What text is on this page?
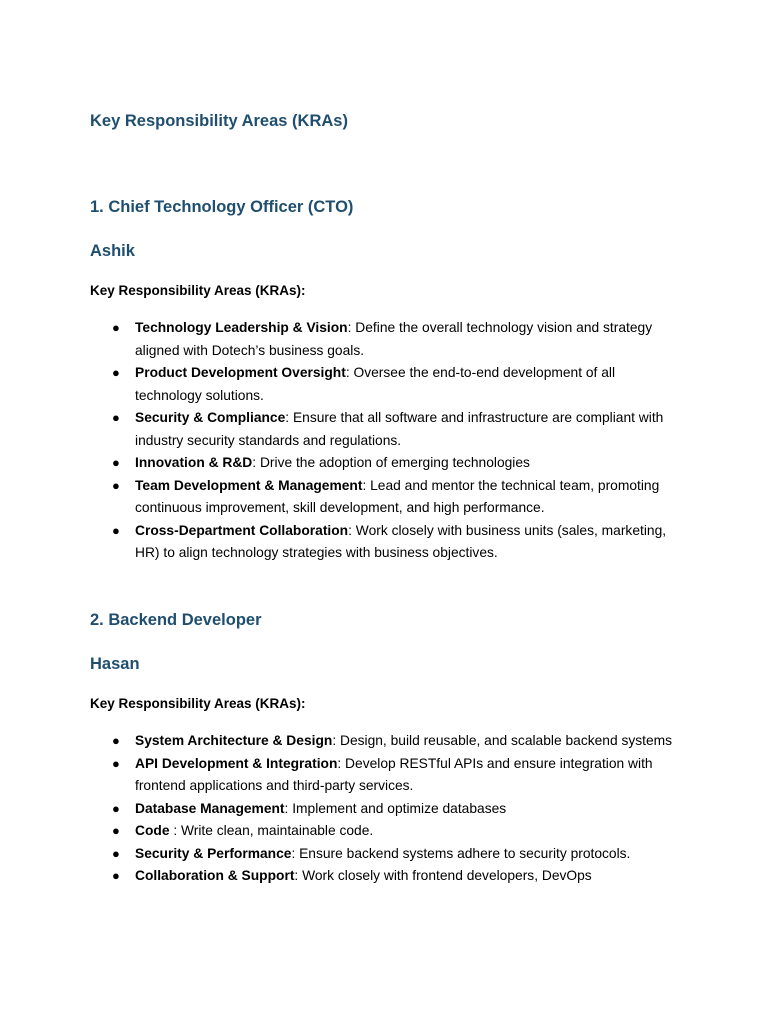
Key Responsibility Areas (KRAs)
1. Chief Technology Officer (CTO)
Ashik
Key Responsibility Areas (KRAs):
● Technology Leadership & Vision: Define the overall technology vision and strategy aligned with Dotech’s business goals.
● Product Development Oversight: Oversee the end-to-end development of all technology solutions.
● Security & Compliance: Ensure that all software and infrastructure are compliant with industry security standards and regulations.
● Innovation & R&D: Drive the adoption of emerging technologies
● Team Development & Management: Lead and mentor the technical team, promoting continuous improvement, skill development, and high performance.
● Cross-Department Collaboration: Work closely with business units (sales, marketing, HR) to align technology strategies with business objectives.
2. Backend Developer
Hasan
Key Responsibility Areas (KRAs):
● System Architecture & Design: Design, build reusable, and scalable backend systems
● API Development & Integration: Develop RESTful APIs and ensure integration with frontend applications and third-party services.
● Database Management: Implement and optimize databases
● Code : Write clean, maintainable code.
● Security & Performance: Ensure backend systems adhere to security protocols.
● Collaboration & Support: Work closely with frontend developers, DevOps
